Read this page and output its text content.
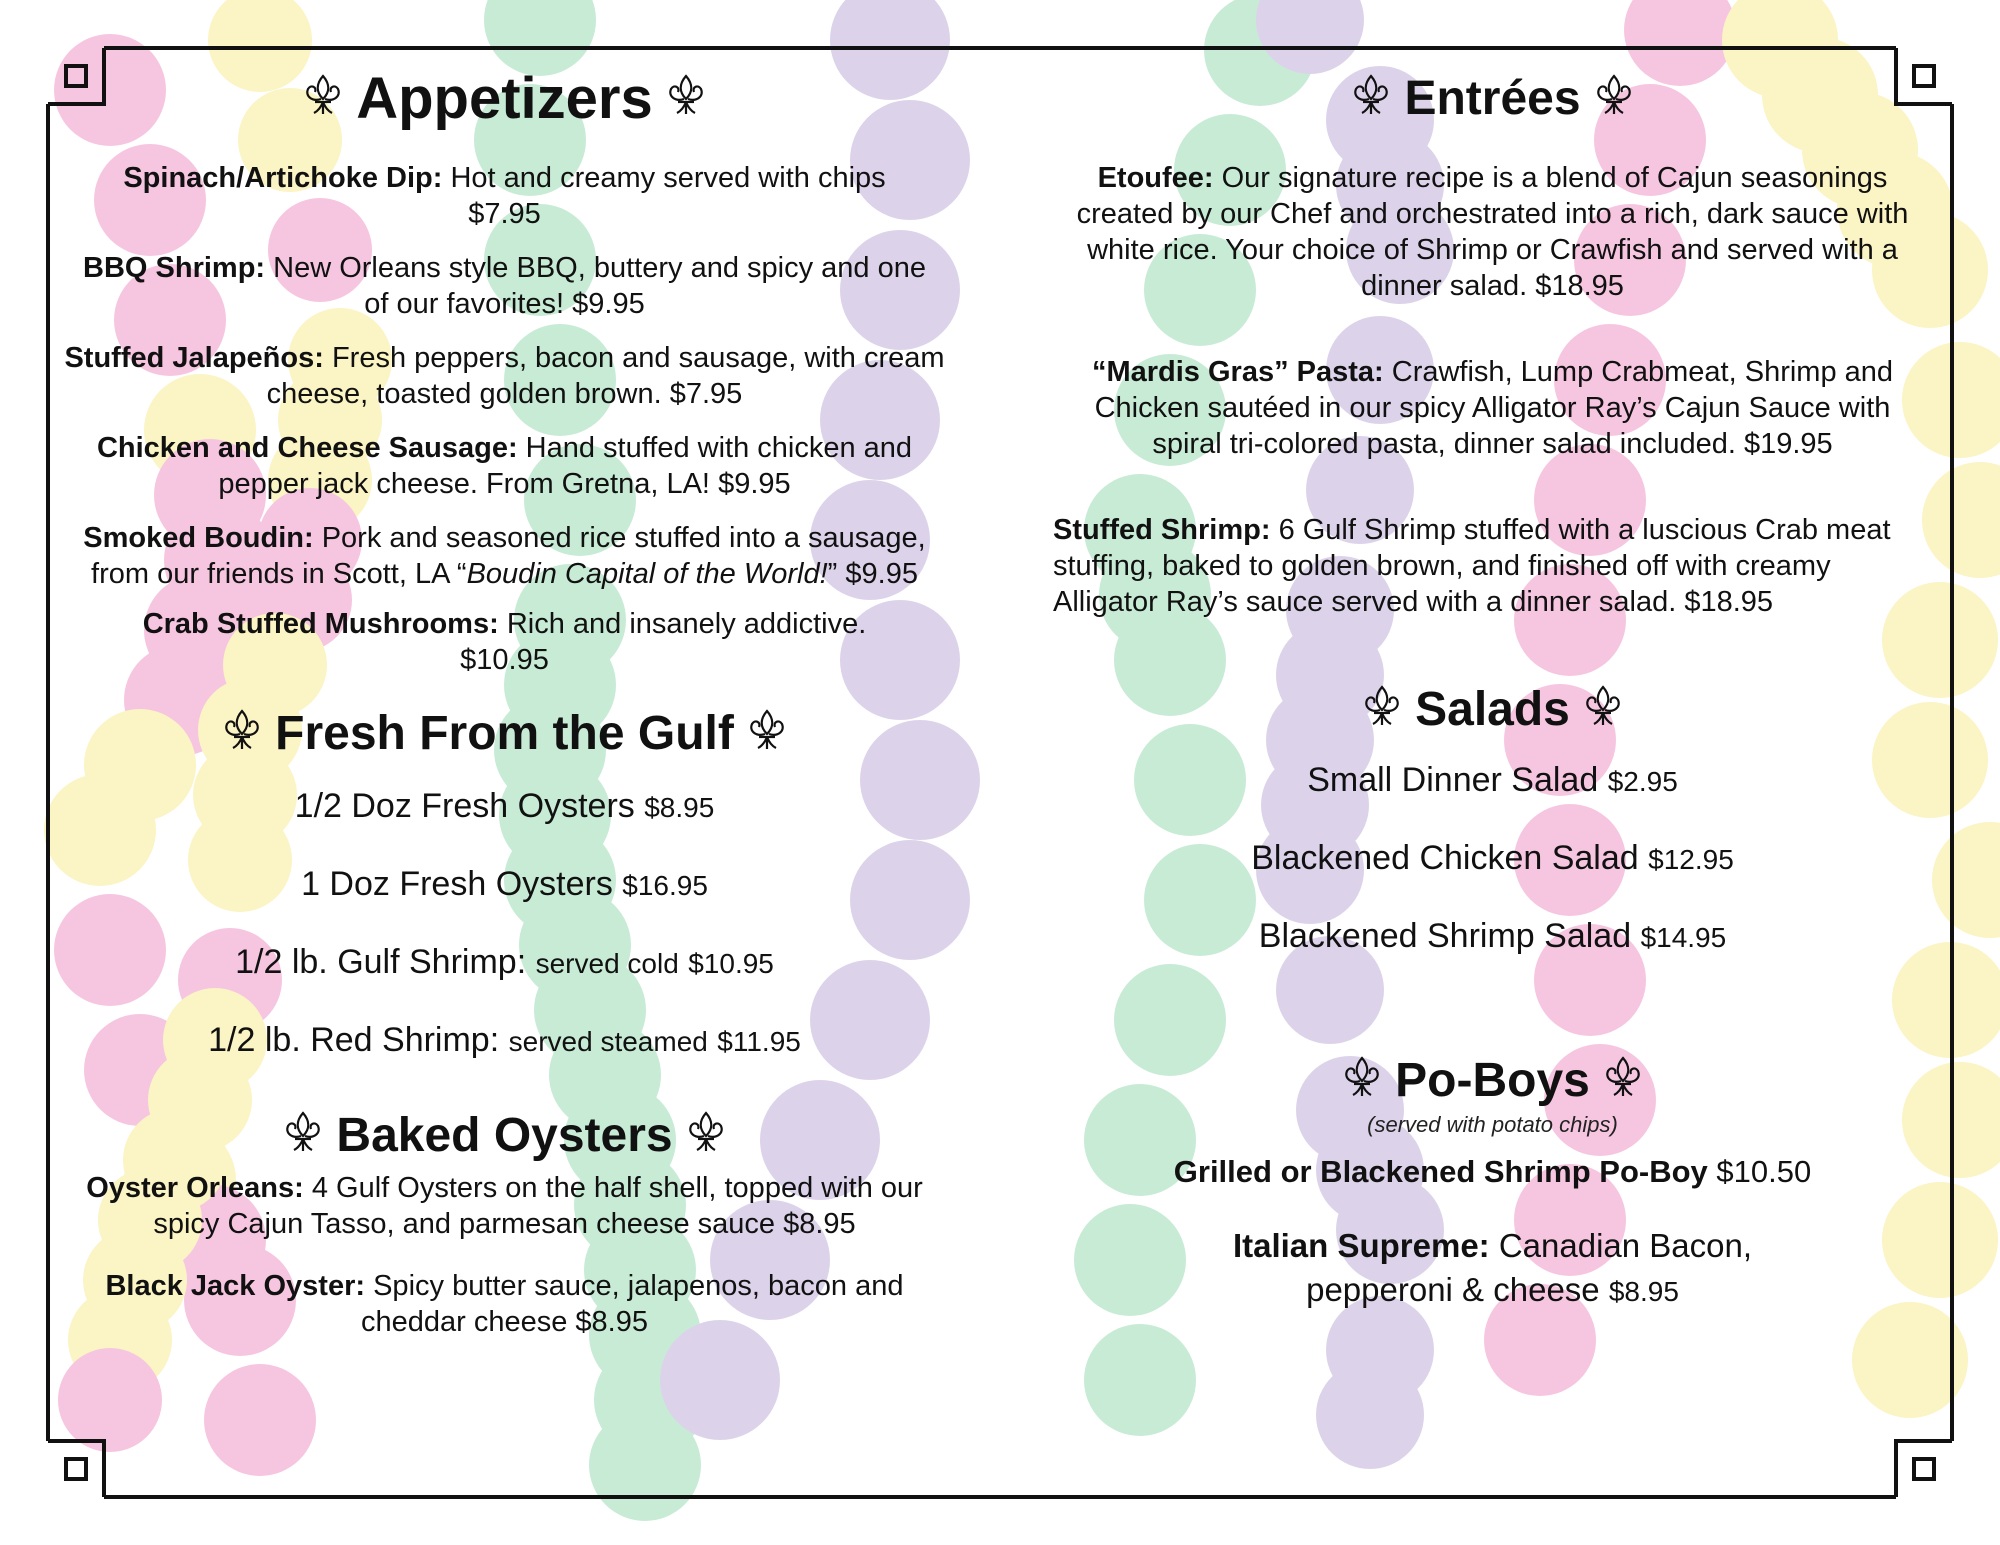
Appetizers

Spinach/Artichoke Dip: Hot and creamy served with chips
$7.95

BBQ Shrimp: New Orleans style BBQ, buttery and spicy and one of our favorites! $9.95

Stuffed Jalapeños: Fresh peppers, bacon and sausage, with cream cheese, toasted golden brown. $7.95

Chicken and Cheese Sausage: Hand stuffed with chicken and pepper jack cheese. From Gretna, LA! $9.95

Smoked Boudin: Pork and seasoned rice stuffed into a sausage, from our friends in Scott, LA “Boudin Capital of the World!” $9.95

Crab Stuffed Mushrooms: Rich and insanely addictive.
$10.95

Fresh From the Gulf

1/2 Doz Fresh Oysters $8.95

1 Doz Fresh Oysters $16.95

1/2 lb. Gulf Shrimp: served cold $10.95

1/2 lb. Red Shrimp: served steamed $11.95

Baked Oysters

Oyster Orleans: 4 Gulf Oysters on the half shell, topped with our spicy Cajun Tasso, and parmesan cheese sauce $8.95

Black Jack Oyster: Spicy butter sauce, jalapenos, bacon and cheddar cheese $8.95

Entrées

Etoufee: Our signature recipe is a blend of Cajun seasonings created by our Chef and orchestrated into a rich, dark sauce with white rice. Your choice of Shrimp or Crawfish and served with a dinner salad. $18.95

“Mardis Gras” Pasta: Crawfish, Lump Crabmeat, Shrimp and Chicken sautéed in our spicy Alligator Ray’s Cajun Sauce with spiral tri-colored pasta, dinner salad included. $19.95

Stuffed Shrimp: 6 Gulf Shrimp stuffed with a luscious Crab meat stuffing, baked to golden brown, and finished off with creamy Alligator Ray’s sauce served with a dinner salad. $18.95

Salads

Small Dinner Salad $2.95

Blackened Chicken Salad $12.95

Blackened Shrimp Salad $14.95

Po-Boys
(served with potato chips)

Grilled or Blackened Shrimp Po-Boy $10.50

Italian Supreme: Canadian Bacon,
pepperoni & cheese $8.95
